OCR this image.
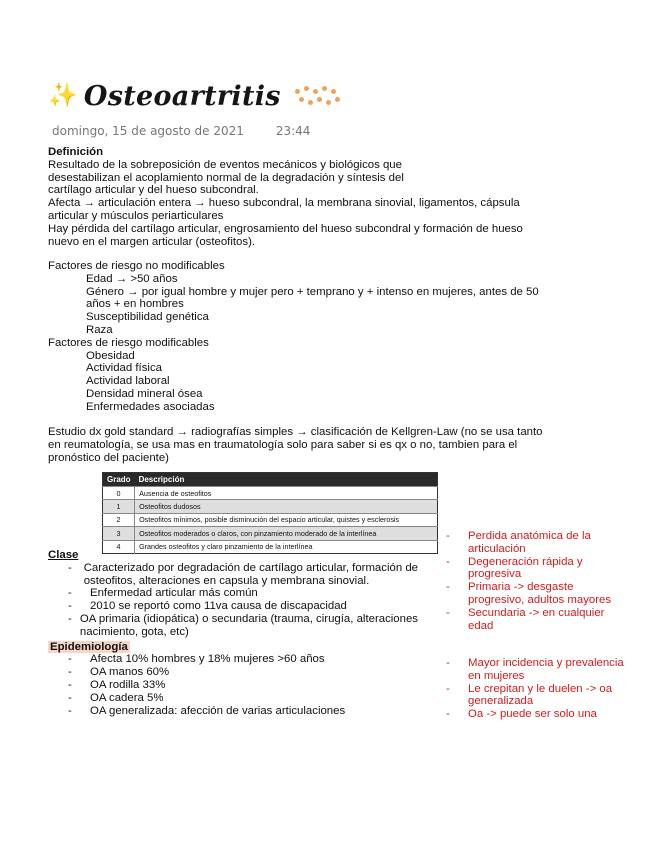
✨ Osteoartritis
domingo, 15 de agosto de 2021	23:44
Definición
Resultado de la sobreposición de eventos mecánicos y biológicos que
desestabilizan el acoplamiento normal de la degradación y síntesis del
cartílago articular y del hueso subcondral.
Afecta → articulación entera → hueso subcondral, la membrana sinovial, ligamentos, cápsula
articular y músculos periarticulares
Hay pérdida del cartílago articular, engrosamiento del hueso subcondral y formación de hueso
nuevo en el margen articular (osteofitos).
Factores de riesgo no modificables
Edad → >50 años
Género → por igual hombre y mujer pero + temprano y + intenso en mujeres, antes de 50
años + en hombres
Susceptibilidad genética
Raza
Factores de riesgo modificables
Obesidad
Actividad física
Actividad laboral
Densidad mineral ósea
Enfermedades asociadas
Estudio dx gold standard → radiografías simples → clasificación de Kellgren-Law (no se usa tanto
en reumatología, se usa mas en traumatología solo para saber si es qx o no, tambien para el
pronóstico del paciente)
Grado	Descripción
0	Ausencia de osteofitos
1	Osteofitos dudosos
2	Osteofitos mínimos, posible disminución del espacio articular, quistes y esclerosis
3	Osteofitos moderados o claros, con pinzamiento moderado de la interlínea
4	Grandes osteofitos y claro pinzamiento de la interlínea
Clase
-	Caracterizado por degradación de cartílago articular, formación de
osteofitos, alteraciones en capsula y membrana sinovial.
-	Enfermedad articular más común
-	2010 se reportó como 11va causa de discapacidad
- OA primaria (idiopática) o secundaria (trauma, cirugía, alteraciones
nacimiento, gota, etc)
Epidemiología
-	Afecta 10% hombres y 18% mujeres >60 años
-	OA manos 60%
-	OA rodilla 33%
-	OA cadera 5%
-	OA generalizada: afección de varias articulaciones
-	Perdida anatómica de la
articulación
-	Degeneración rápida y
progresiva
-	Primaria -> desgaste
progresivo, adultos mayores
-	Secundaria -> en cualquier
edad
-	Mayor incidencia y prevalencia
en mujeres
-	Le crepitan y le duelen -> oa
generalizada
-	Oa -> puede ser solo una
